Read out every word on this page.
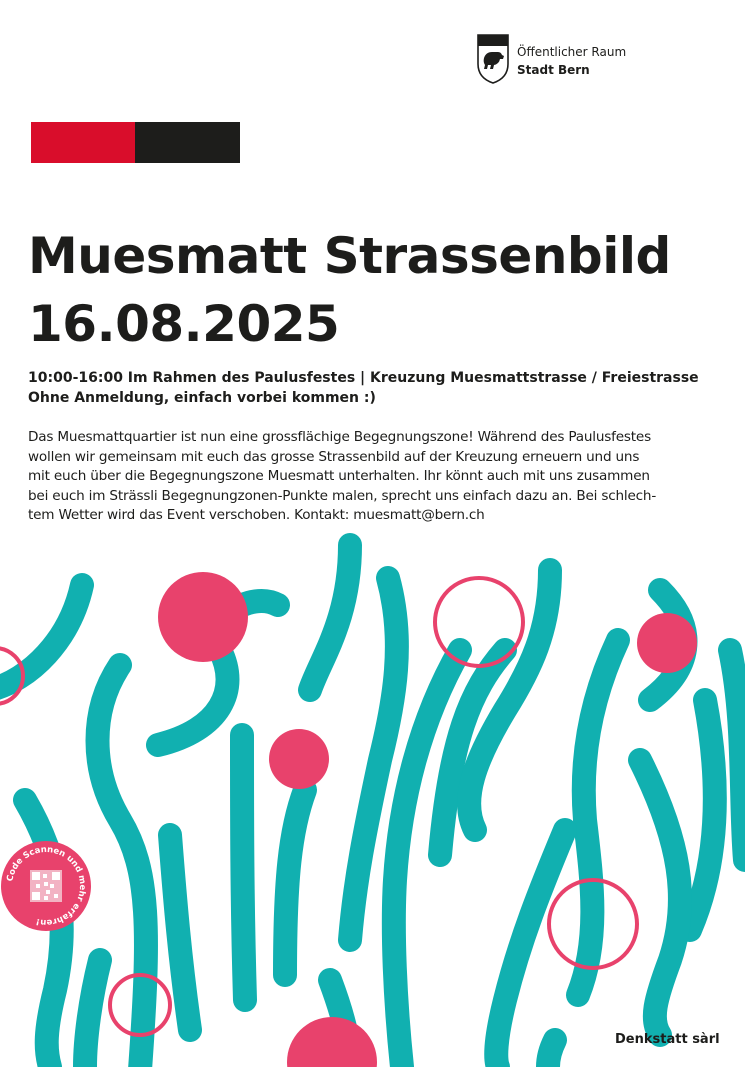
Öffentlicher Raum
Stadt Bern
Muesmatt Strassenbild
16.08.2025
10:00-16:00 Im Rahmen des Paulusfestes | Kreuzung Muesmattstrasse / Freiestrasse
Ohne Anmeldung, einfach vorbei kommen :)
Das Muesmattquartier ist nun eine grossflächige Begegnungszone! Während des Paulusfestes
wollen wir gemeinsam mit euch das grosse Strassenbild auf der Kreuzung erneuern und uns
mit euch über die Begegnungszone Muesmatt unterhalten. Ihr könnt auch mit uns zusammen
bei euch im Strässli Begegnungzonen-Punkte malen, sprecht uns einfach dazu an. Bei schlech-
tem Wetter wird das Event verschoben. Kontakt: muesmatt@bern.ch
Code Scannen und mehr erfahren!
Denkstatt sàrl
